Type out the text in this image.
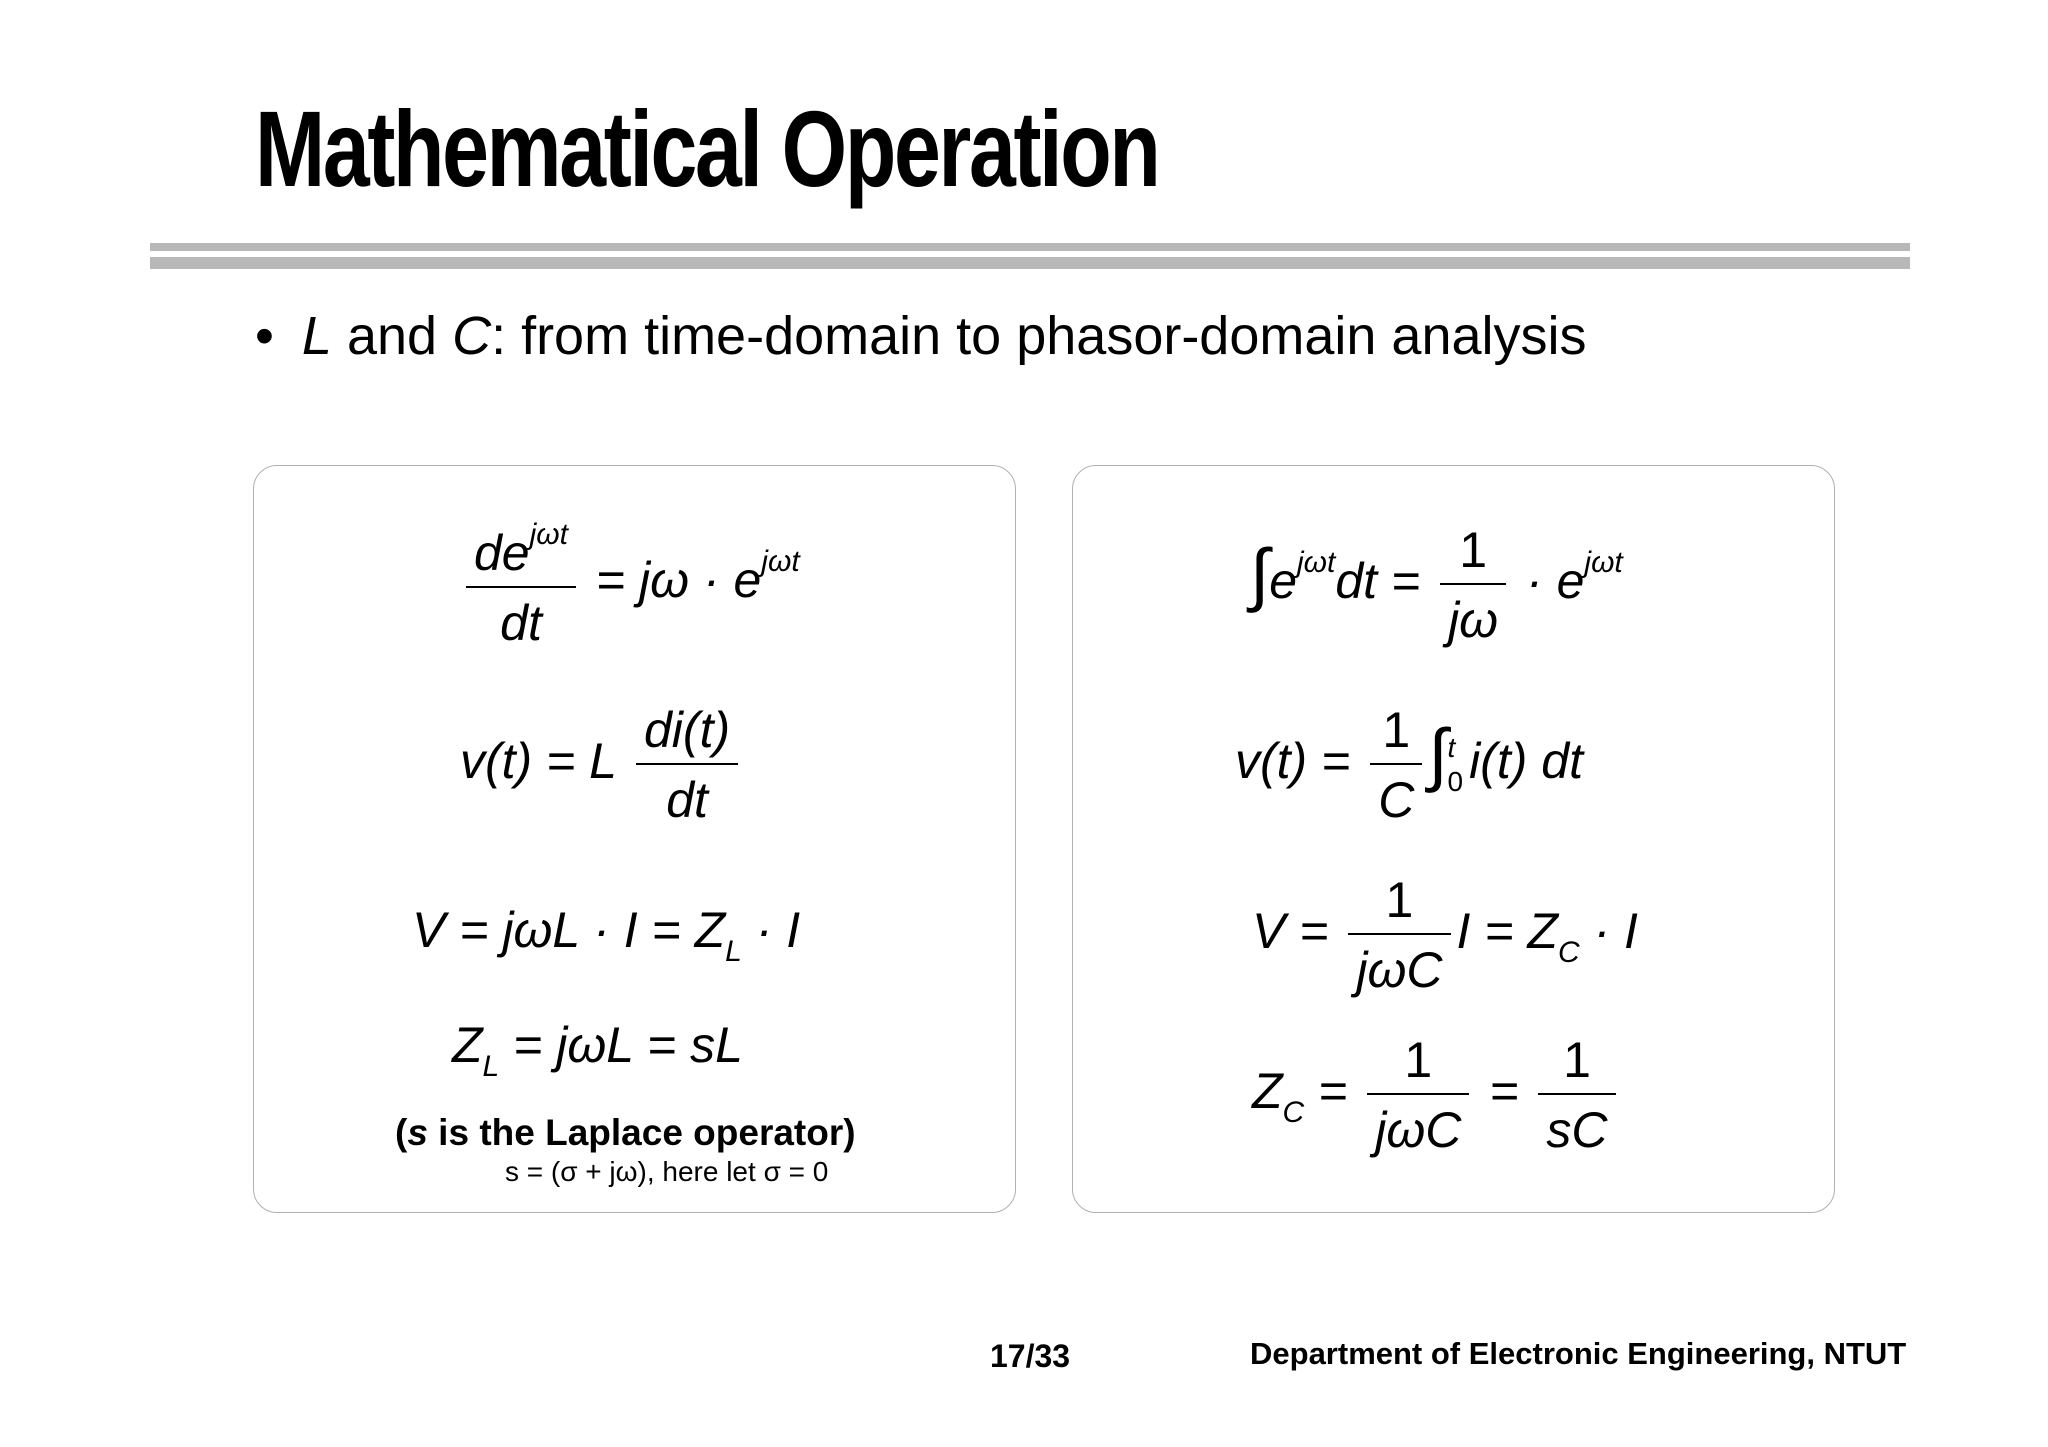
Mathematical Operation
• L and C: from time-domain to phasor-domain analysis
$\frac{de^{j\omega t}}{dt} = j\omega \cdot e^{j\omega t}$
v(t) = L $\frac{di(t)}{dt}$
$V = j\omega L \cdot I = Z_L \cdot I$
$Z_L = j\omega L$ = sL
(s is the Laplace operator)
s = (σ + jω), here let σ = 0
$\int e^{j\omega t}dt = \frac{1}{j\omega} \cdot e^{j\omega t}$
$v(t) = \frac{1}{C}$ ∫ t
0 i(t) dt
$V = \frac{1}{\text{jωC}}$ $I = Z_C \cdot I$
$Z_C = \frac{1}{\text{jωC}} = \frac{1}{sC}$
17/33	Department of Electronic Engineering, NTUT
